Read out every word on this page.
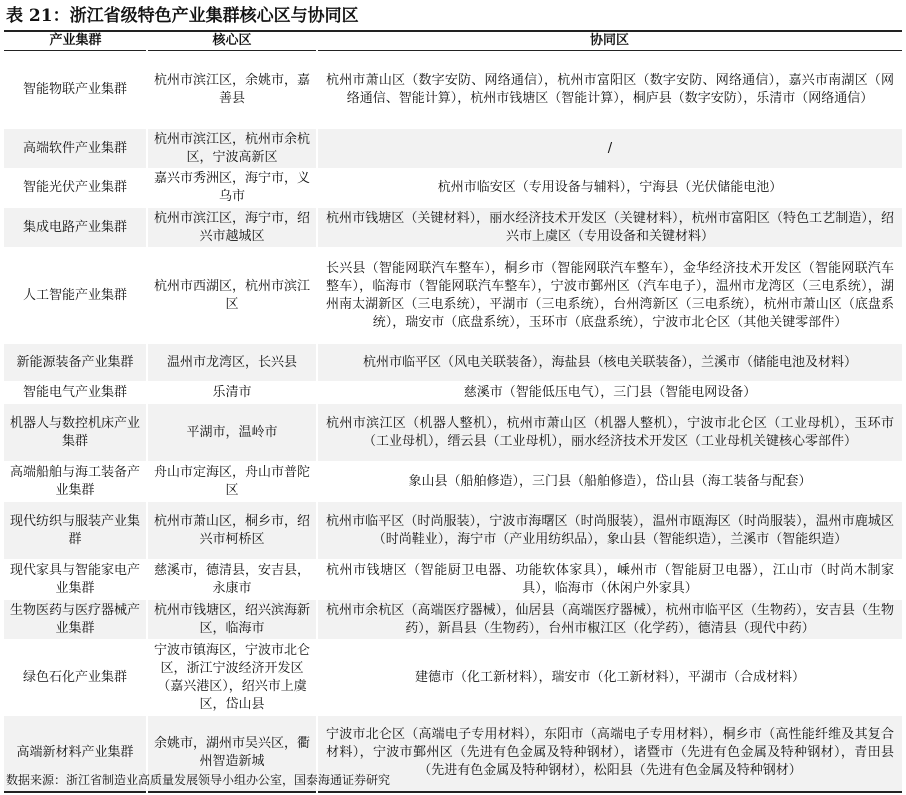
表 21：浙江省级特色产业集群核心区与协同区
产业集群	核心区	协同区
智能物联产业集群	杭州市滨江区，余姚市，嘉善县	杭州市萧山区（数字安防、网络通信），杭州市富阳区（数字安防、网络通信），嘉兴市南湖区（网络通信、智能计算），杭州市钱塘区（智能计算），桐庐县（数字安防），乐清市（网络通信）
高端软件产业集群	杭州市滨江区，杭州市余杭区，宁波高新区	/
智能光伏产业集群	嘉兴市秀洲区，海宁市，义乌市	杭州市临安区（专用设备与辅料），宁海县（光伏储能电池）
集成电路产业集群	杭州市滨江区，海宁市，绍兴市越城区	杭州市钱塘区（关键材料），丽水经济技术开发区（关键材料），杭州市富阳区（特色工艺制造），绍兴市上虞区（专用设备和关键材料）
人工智能产业集群	杭州市西湖区，杭州市滨江区	长兴县（智能网联汽车整车），桐乡市（智能网联汽车整车），金华经济技术开发区（智能网联汽车整车），临海市（智能网联汽车整车），宁波市鄞州区（汽车电子），温州市龙湾区（三电系统），湖州南太湖新区（三电系统），平湖市（三电系统），台州湾新区（三电系统），杭州市萧山区（底盘系统），瑞安市（底盘系统），玉环市（底盘系统），宁波市北仑区（其他关键零部件）
新能源装备产业集群	温州市龙湾区，长兴县	杭州市临平区（风电关联装备），海盐县（核电关联装备），兰溪市（储能电池及材料）
智能电气产业集群	乐清市	慈溪市（智能低压电气），三门县（智能电网设备）
机器人与数控机床产业集群	平湖市，温岭市	杭州市滨江区（机器人整机），杭州市萧山区（机器人整机），宁波市北仑区（工业母机），玉环市（工业母机），缙云县（工业母机），丽水经济技术开发区（工业母机关键核心零部件）
高端船舶与海工装备产业集群	舟山市定海区，舟山市普陀区	象山县（船舶修造），三门县（船舶修造），岱山县（海工装备与配套）
现代纺织与服装产业集群	杭州市萧山区，桐乡市，绍兴市柯桥区	杭州市临平区（时尚服装），宁波市海曙区（时尚服装），温州市瓯海区（时尚服装），温州市鹿城区（时尚鞋业），海宁市（产业用纺织品），象山县（智能织造），兰溪市（智能织造）
现代家具与智能家电产业集群	慈溪市，德清县，安吉县，永康市	杭州市钱塘区（智能厨卫电器、功能软体家具），嵊州市（智能厨卫电器），江山市（时尚木制家具），临海市（休闲户外家具）
生物医药与医疗器械产业集群	杭州市钱塘区，绍兴滨海新区，临海市	杭州市余杭区（高端医疗器械），仙居县（高端医疗器械），杭州市临平区（生物药），安吉县（生物药），新昌县（生物药），台州市椒江区（化学药），德清县（现代中药）
绿色石化产业集群	宁波市镇海区，宁波市北仑区，浙江宁波经济开发区（嘉兴港区），绍兴市上虞区，岱山县	建德市（化工新材料），瑞安市（化工新材料），平湖市（合成材料）
高端新材料产业集群	余姚市，湖州市吴兴区，衢州智造新城	宁波市北仑区（高端电子专用材料），东阳市（高端电子专用材料），桐乡市（高性能纤维及其复合材料），宁波市鄞州区（先进有色金属及特种钢材），诸暨市（先进有色金属及特种钢材），青田县（先进有色金属及特种钢材），松阳县（先进有色金属及特种钢材）
数据来源：浙江省制造业高质量发展领导小组办公室，国泰海通证券研究
